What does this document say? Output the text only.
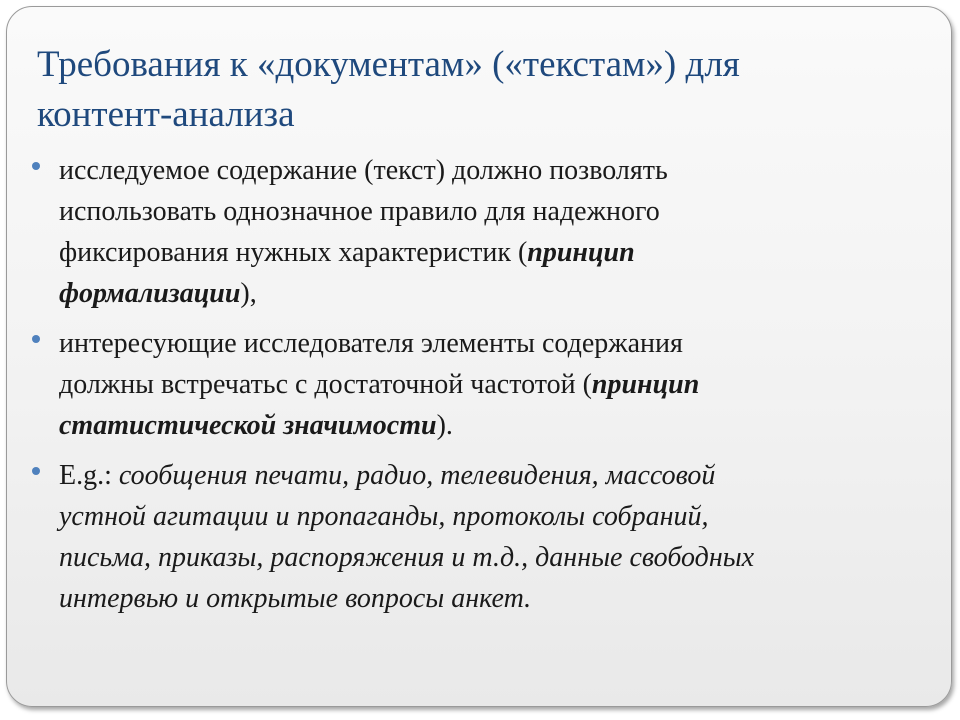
Требования к «документам» («текстам») для
контент-анализа
исследуемое содержание (текст) должно позволять
использовать однозначное правило для надежного
фиксирования нужных характеристик (принцип
формализации),
интересующие исследователя элементы содержания
должны встречатьс с достаточной частотой (принцип
статистической значимости).
E.g.: сообщения печати, радио, телевидения, массовой
устной агитации и пропаганды, протоколы собраний,
письма, приказы, распоряжения и т.д., данные свободных
интервью и открытые вопросы анкет.
